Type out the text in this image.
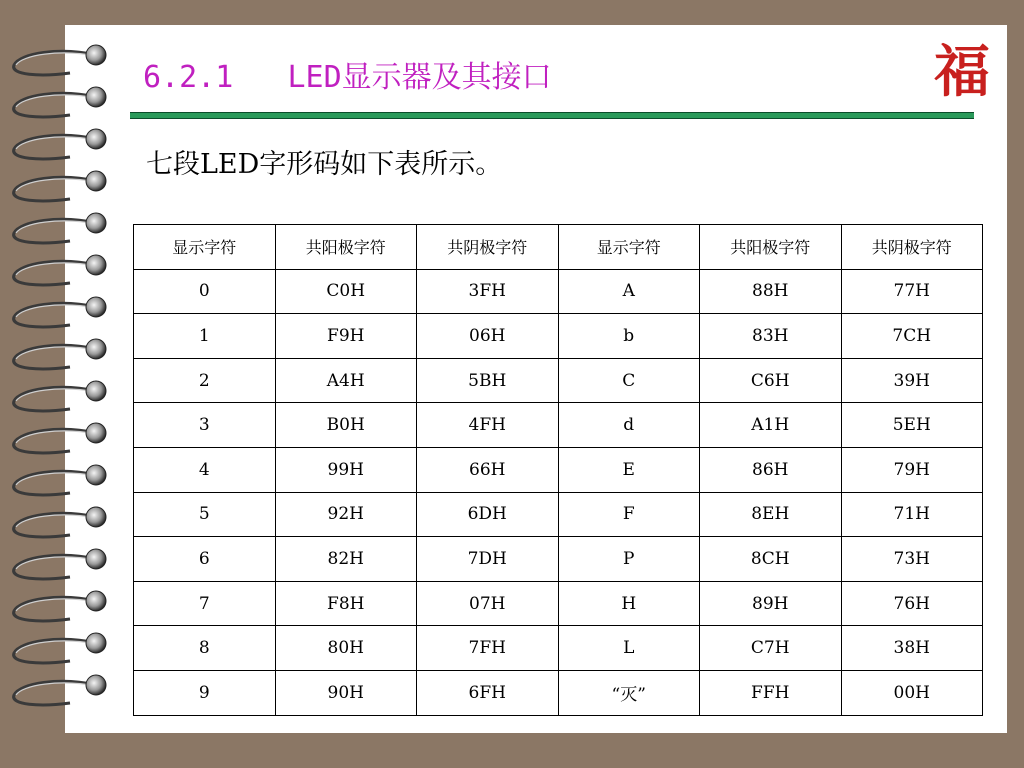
6.2.1   LED显示器及其接口	福
七段LED字形码如下表所示。
显示字符	共阳极字符	共阴极字符	显示字符	共阳极字符	共阴极字符
0	C0H	3FH	A	88H	77H
1	F9H	06H	b	83H	7CH
2	A4H	5BH	C	C6H	39H
3	B0H	4FH	d	A1H	5EH
4	99H	66H	E	86H	79H
5	92H	6DH	F	8EH	71H
6	82H	7DH	P	8CH	73H
7	F8H	07H	H	89H	76H
8	80H	7FH	L	C7H	38H
9	90H	6FH	“灭”	FFH	00H
